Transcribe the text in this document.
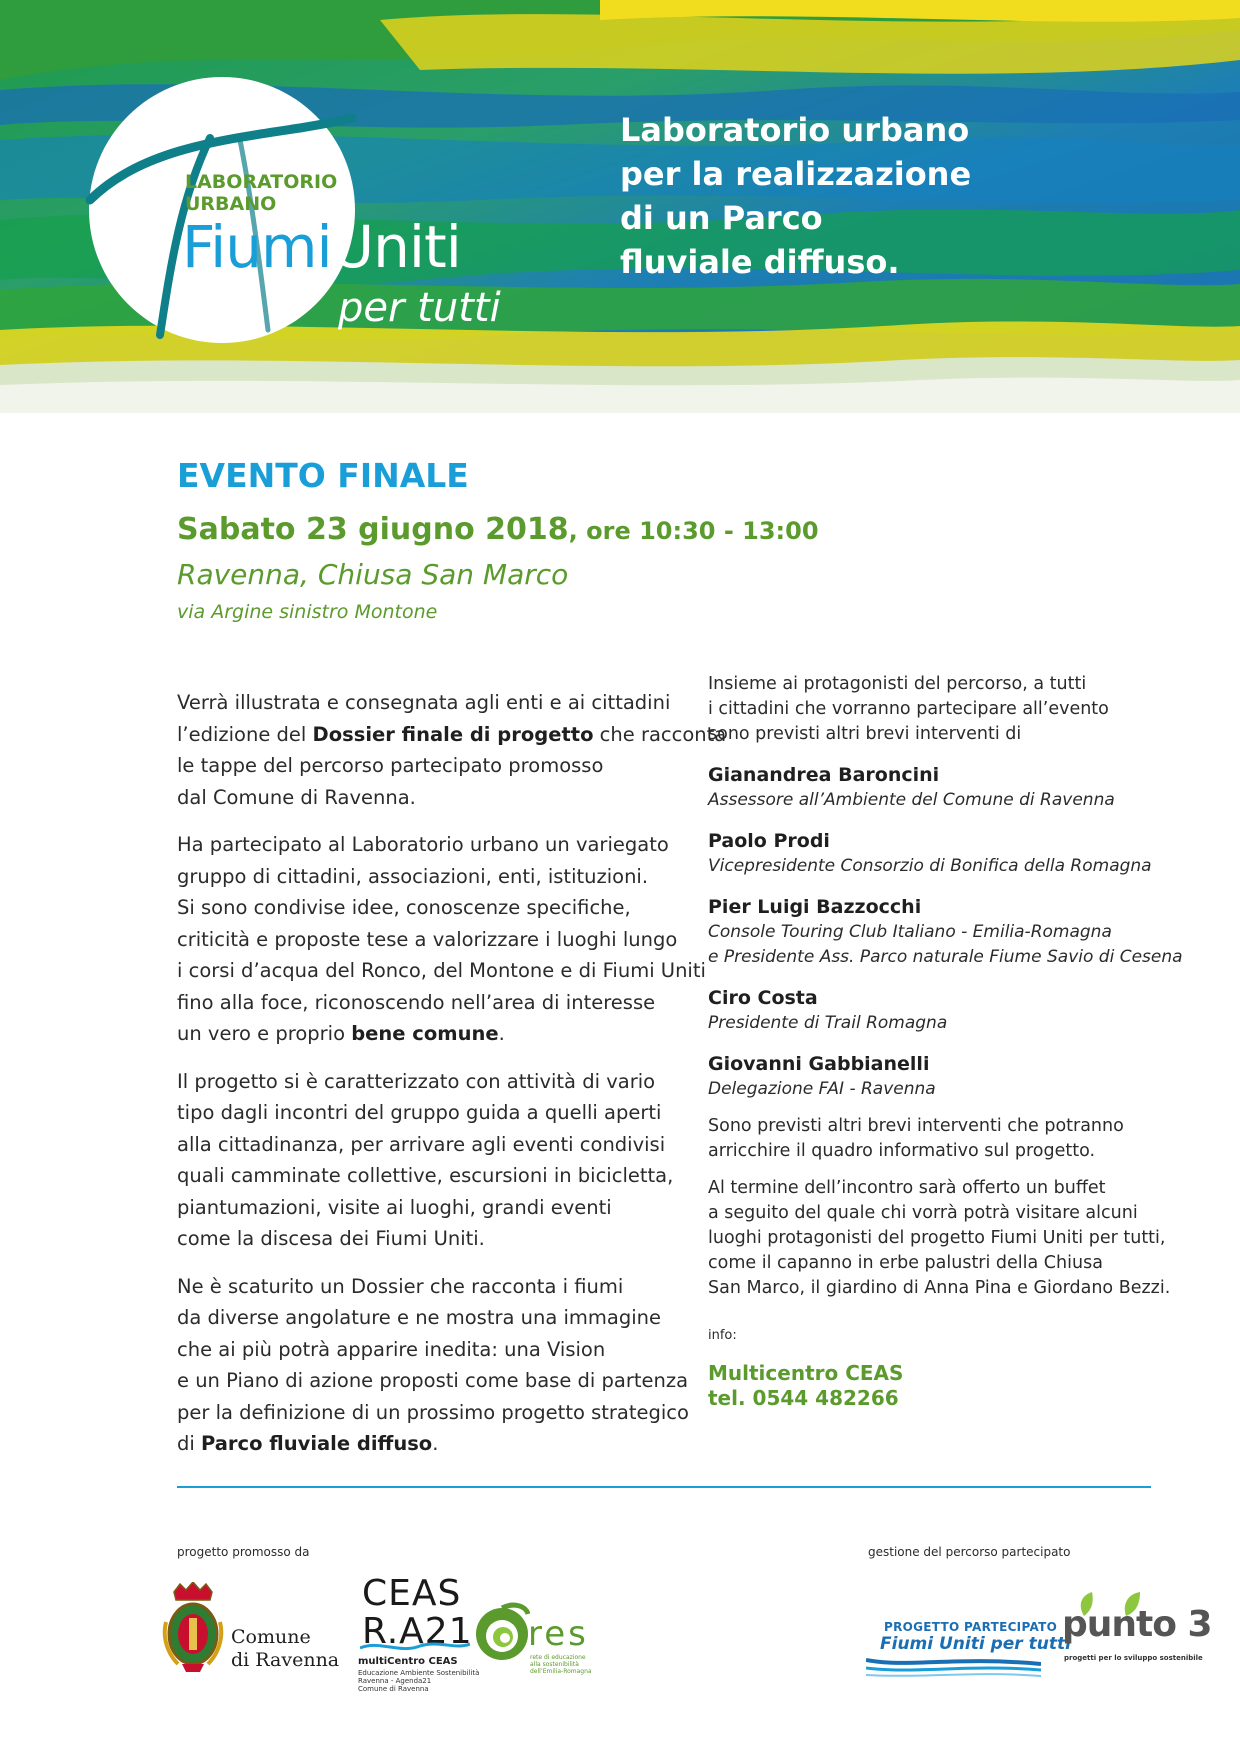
LABORATORIO
URBANO
FiumiUniti
per tutti
Laboratorio urbano
per la realizzazione
di un Parco
fluviale diffuso.
EVENTO FINALE
Sabato 23 giugno 2018, ore 10:30 - 13:00
Ravenna, Chiusa San Marco
via Argine sinistro Montone

Verrà illustrata e consegnata agli enti e ai cittadini
l’edizione del Dossier finale di progetto che racconta
le tappe del percorso partecipato promosso
dal Comune di Ravenna.

Ha partecipato al Laboratorio urbano un variegato
gruppo di cittadini, associazioni, enti, istituzioni.
Si sono condivise idee, conoscenze specifiche,
criticità e proposte tese a valorizzare i luoghi lungo
i corsi d’acqua del Ronco, del Montone e di Fiumi Uniti
fino alla foce, riconoscendo nell’area di interesse
un vero e proprio bene comune.

Il progetto si è caratterizzato con attività di vario
tipo dagli incontri del gruppo guida a quelli aperti
alla cittadinanza, per arrivare agli eventi condivisi
quali camminate collettive, escursioni in bicicletta,
piantumazioni, visite ai luoghi, grandi eventi
come la discesa dei Fiumi Uniti.

Ne è scaturito un Dossier che racconta i fiumi
da diverse angolature e ne mostra una immagine
che ai più potrà apparire inedita: una Vision
e un Piano di azione proposti come base di partenza
per la definizione di un prossimo progetto strategico
di Parco fluviale diffuso.

Insieme ai protagonisti del percorso, a tutti
i cittadini che vorranno partecipare all’evento
sono previsti altri brevi interventi di
Gianandrea Baroncini
Assessore all’Ambiente del Comune di Ravenna
Paolo Prodi
Vicepresidente Consorzio di Bonifica della Romagna
Pier Luigi Bazzocchi
Console Touring Club Italiano - Emilia-Romagna
e Presidente Ass. Parco naturale Fiume Savio di Cesena
Ciro Costa
Presidente di Trail Romagna
Giovanni Gabbianelli
Delegazione FAI - Ravenna
Sono previsti altri brevi interventi che potranno
arricchire il quadro informativo sul progetto.
Al termine dell’incontro sarà offerto un buffet
a seguito del quale chi vorrà potrà visitare alcuni
luoghi protagonisti del progetto Fiumi Uniti per tutti,
come il capanno in erbe palustri della Chiusa
San Marco, il giardino di Anna Pina e Giordano Bezzi.
info:
Multicentro CEAS
tel. 0544 482266
progetto promosso da	gestione del percorso partecipato
Comune
di Ravenna
CEAS
R.A21
multiCentro CEAS
Educazione Ambiente Sostenibilità
Ravenna - Agenda21
Comune di Ravenna
res
rete di educazione
alla sostenibilità
dell’Emilia-Romagna
PROGETTO PARTECIPATO
Fiumi Uniti per tutti
punto 3
progetti per lo sviluppo sostenibile
